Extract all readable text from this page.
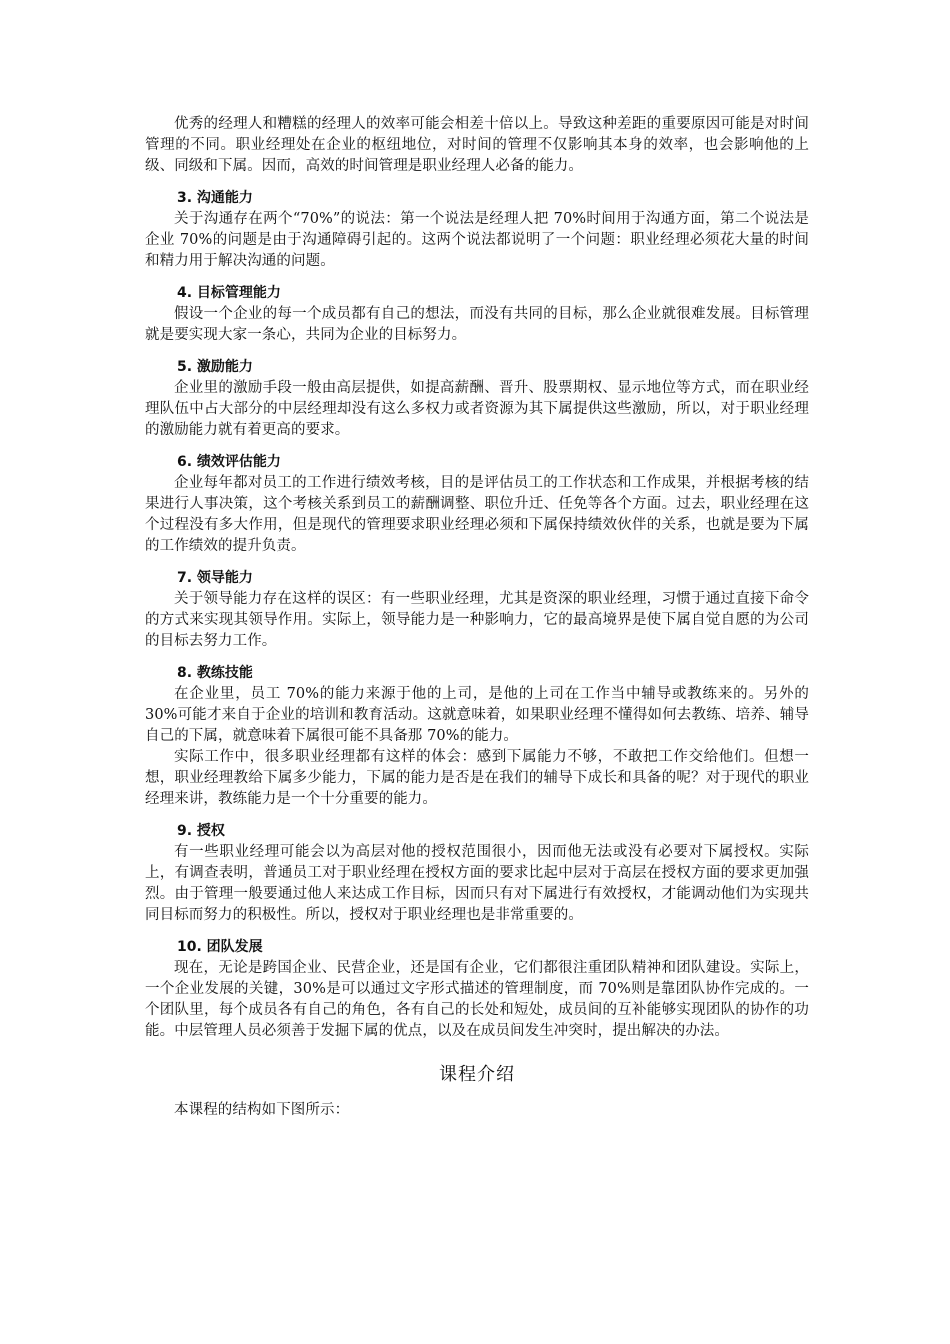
优秀的经理人和糟糕的经理人的效率可能会相差十倍以上。导致这种差距的重要原因可能是对时间管理的不同。职业经理处在企业的枢纽地位，对时间的管理不仅影响其本身的效率，也会影响他的上级、同级和下属。因而，高效的时间管理是职业经理人必备的能力。

3. 沟通能力

关于沟通存在两个“70%”的说法：第一个说法是经理人把 70%时间用于沟通方面，第二个说法是企业 70%的问题是由于沟通障碍引起的。这两个说法都说明了一个问题：职业经理必须花大量的时间和精力用于解决沟通的问题。

4. 目标管理能力

假设一个企业的每一个成员都有自己的想法，而没有共同的目标，那么企业就很难发展。目标管理就是要实现大家一条心，共同为企业的目标努力。

5. 激励能力

企业里的激励手段一般由高层提供，如提高薪酬、晋升、股票期权、显示地位等方式，而在职业经理队伍中占大部分的中层经理却没有这么多权力或者资源为其下属提供这些激励，所以，对于职业经理的激励能力就有着更高的要求。

6. 绩效评估能力

企业每年都对员工的工作进行绩效考核，目的是评估员工的工作状态和工作成果，并根据考核的结果进行人事决策，这个考核关系到员工的薪酬调整、职位升迁、任免等各个方面。过去，职业经理在这个过程没有多大作用，但是现代的管理要求职业经理必须和下属保持绩效伙伴的关系，也就是要为下属的工作绩效的提升负责。

7. 领导能力

关于领导能力存在这样的误区：有一些职业经理，尤其是资深的职业经理，习惯于通过直接下命令的方式来实现其领导作用。实际上，领导能力是一种影响力，它的最高境界是使下属自觉自愿的为公司的目标去努力工作。

8. 教练技能

在企业里，员工 70%的能力来源于他的上司，是他的上司在工作当中辅导或教练来的。另外的 30%可能才来自于企业的培训和教育活动。这就意味着，如果职业经理不懂得如何去教练、培养、辅导自己的下属，就意味着下属很可能不具备那 70%的能力。

实际工作中，很多职业经理都有这样的体会：感到下属能力不够，不敢把工作交给他们。但想一想，职业经理教给下属多少能力，下属的能力是否是在我们的辅导下成长和具备的呢？对于现代的职业经理来讲，教练能力是一个十分重要的能力。

9. 授权

有一些职业经理可能会以为高层对他的授权范围很小，因而他无法或没有必要对下属授权。实际上，有调查表明，普通员工对于职业经理在授权方面的要求比起中层对于高层在授权方面的要求更加强烈。由于管理一般要通过他人来达成工作目标，因而只有对下属进行有效授权，才能调动他们为实现共同目标而努力的积极性。所以，授权对于职业经理也是非常重要的。

10. 团队发展

现在，无论是跨国企业、民营企业，还是国有企业，它们都很注重团队精神和团队建设。实际上，一个企业发展的关键，30%是可以通过文字形式描述的管理制度，而 70%则是靠团队协作完成的。一个团队里，每个成员各有自己的角色，各有自己的长处和短处，成员间的互补能够实现团队的协作的功能。中层管理人员必须善于发掘下属的优点，以及在成员间发生冲突时，提出解决的办法。

课程介绍

本课程的结构如下图所示：
